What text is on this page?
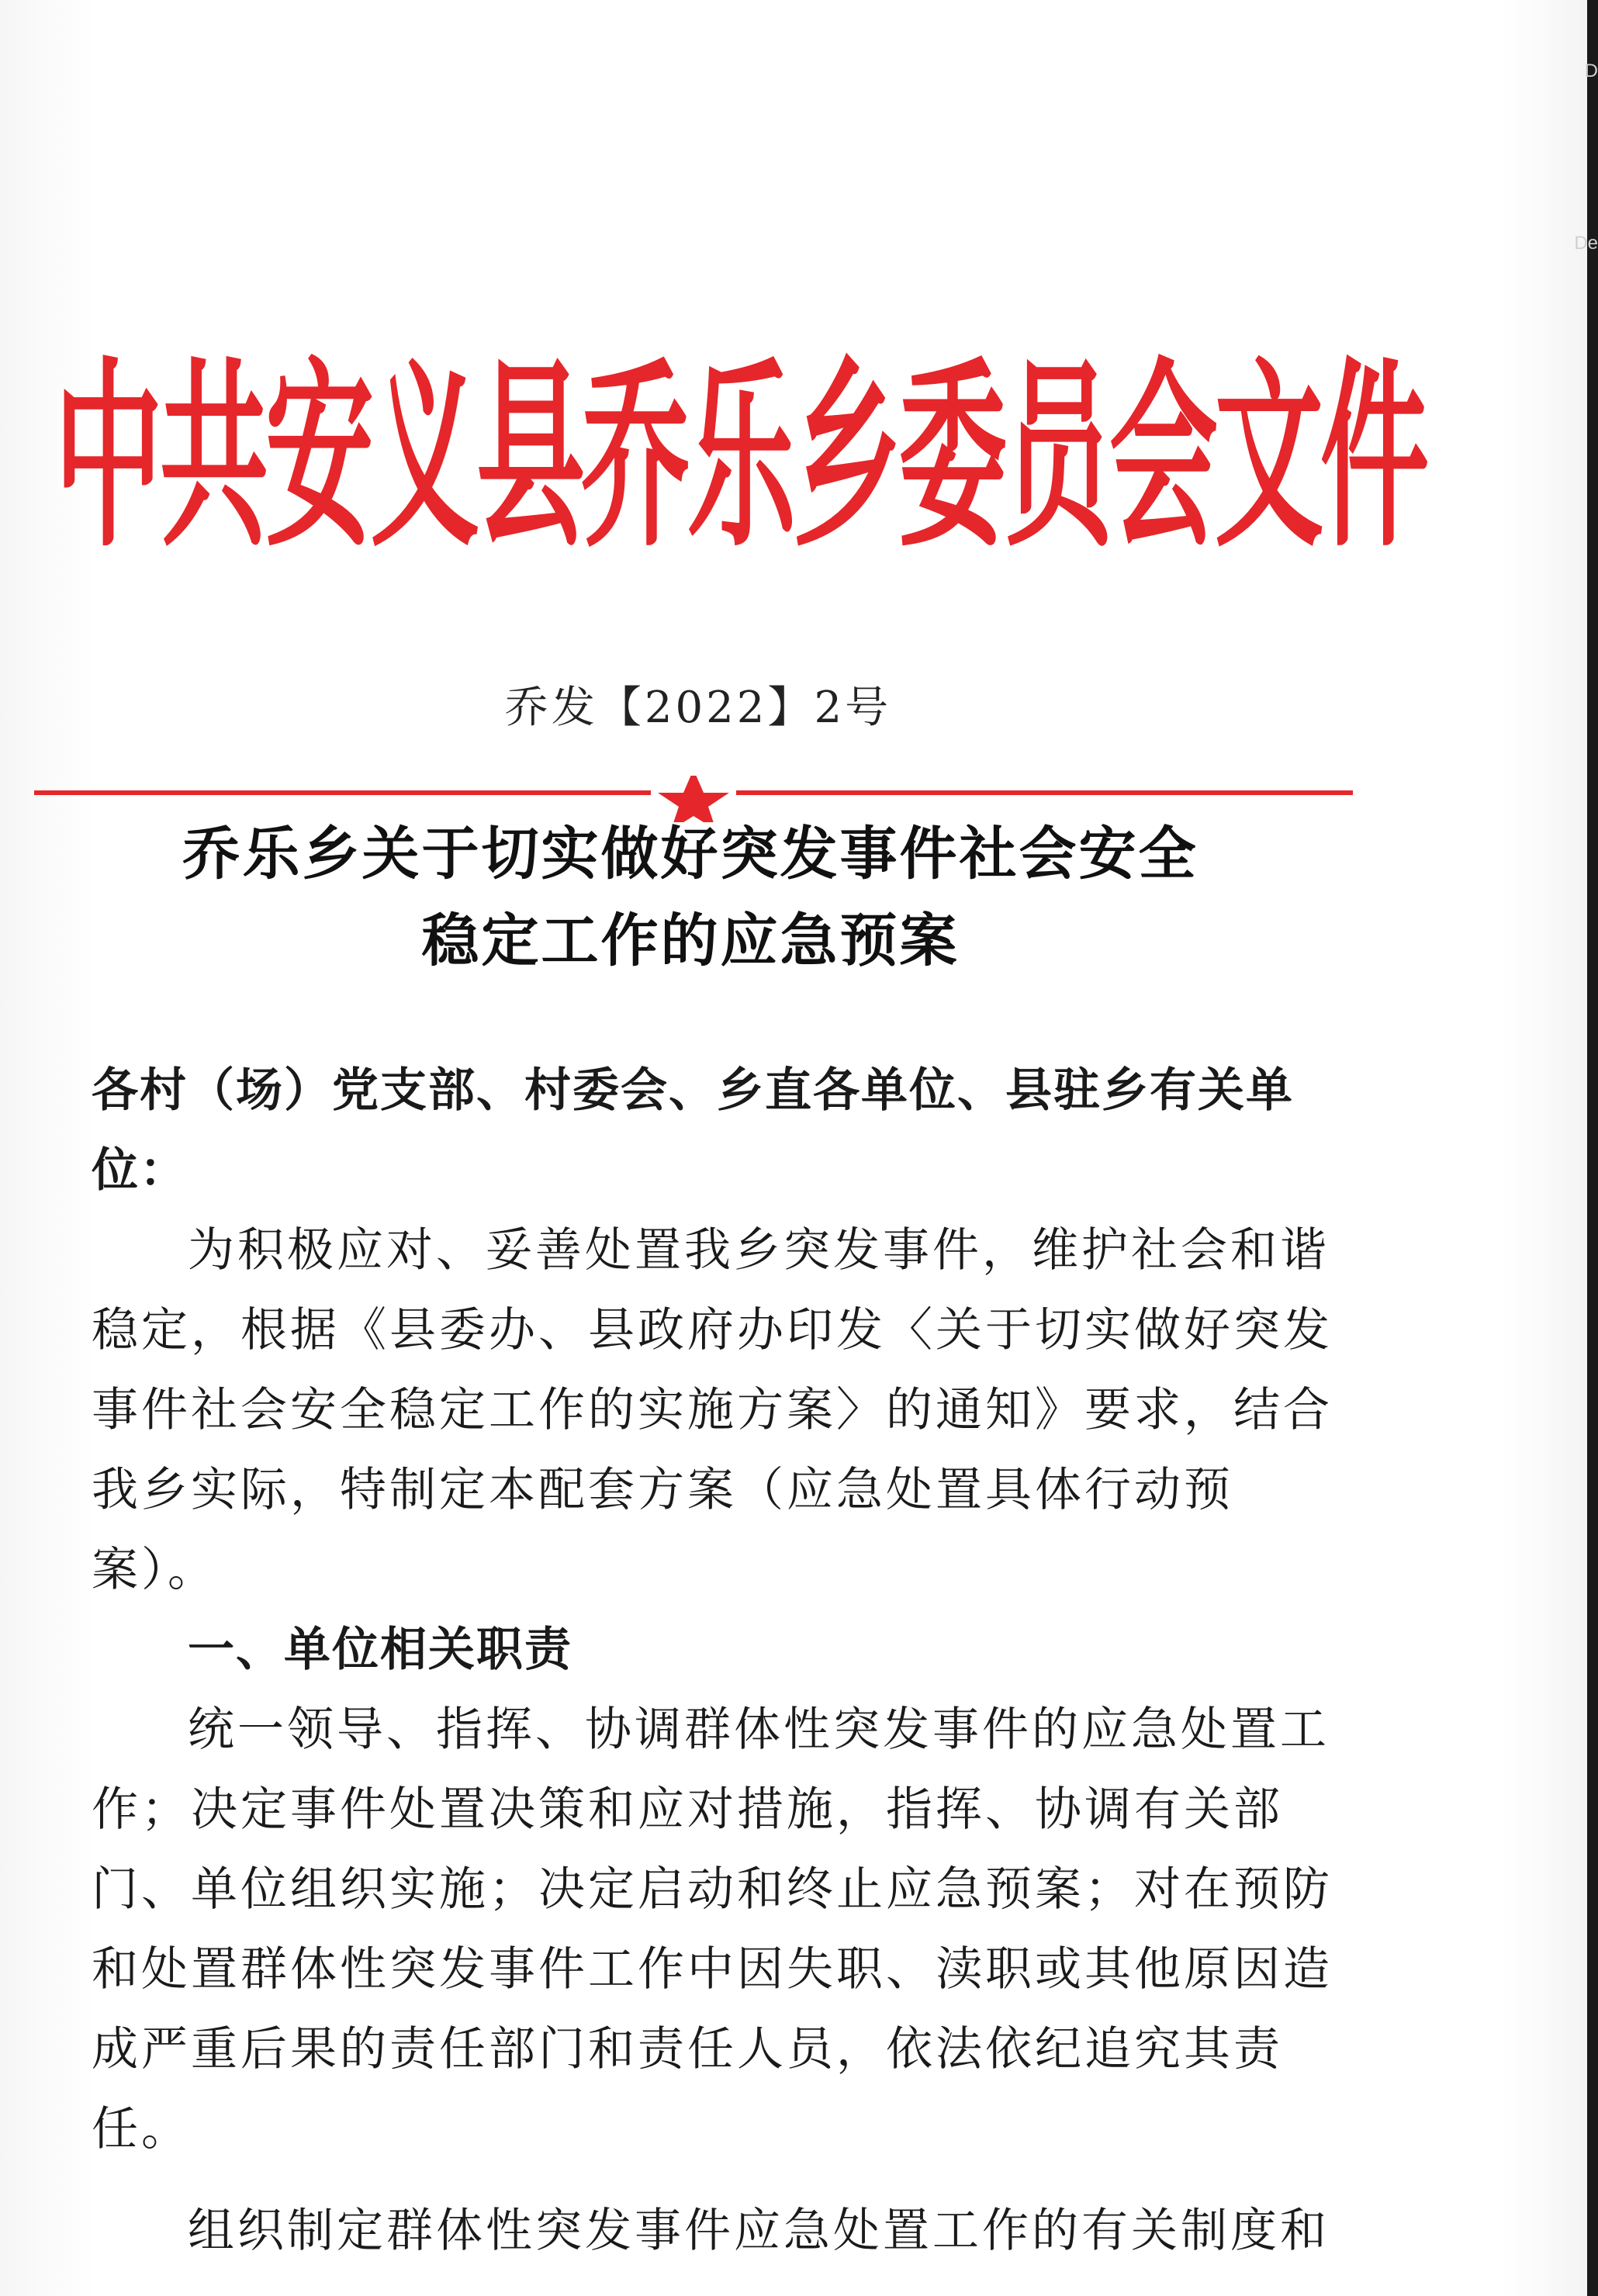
D
De
中共安义县乔乐乡委员会文件
乔发【2022】2号
乔乐乡关于切实做好突发事件社会安全
稳定工作的应急预案

各村（场）党支部、村委会、乡直各单位、县驻乡有关单位：

为积极应对、妥善处置我乡突发事件，维护社会和谐稳定，根据《县委办、县政府办印发〈关于切实做好突发事件社会安全稳定工作的实施方案〉的通知》要求，结合我乡实际，特制定本配套方案（应急处置具体行动预案）。

一、单位相关职责

统一领导、指挥、协调群体性突发事件的应急处置工作；决定事件处置决策和应对措施，指挥、协调有关部门、单位组织实施；决定启动和终止应急预案；对在预防和处置群体性突发事件工作中因失职、渎职或其他原因造成严重后果的责任部门和责任人员，依法依纪追究其责任。

组织制定群体性突发事件应急处置工作的有关制度和
